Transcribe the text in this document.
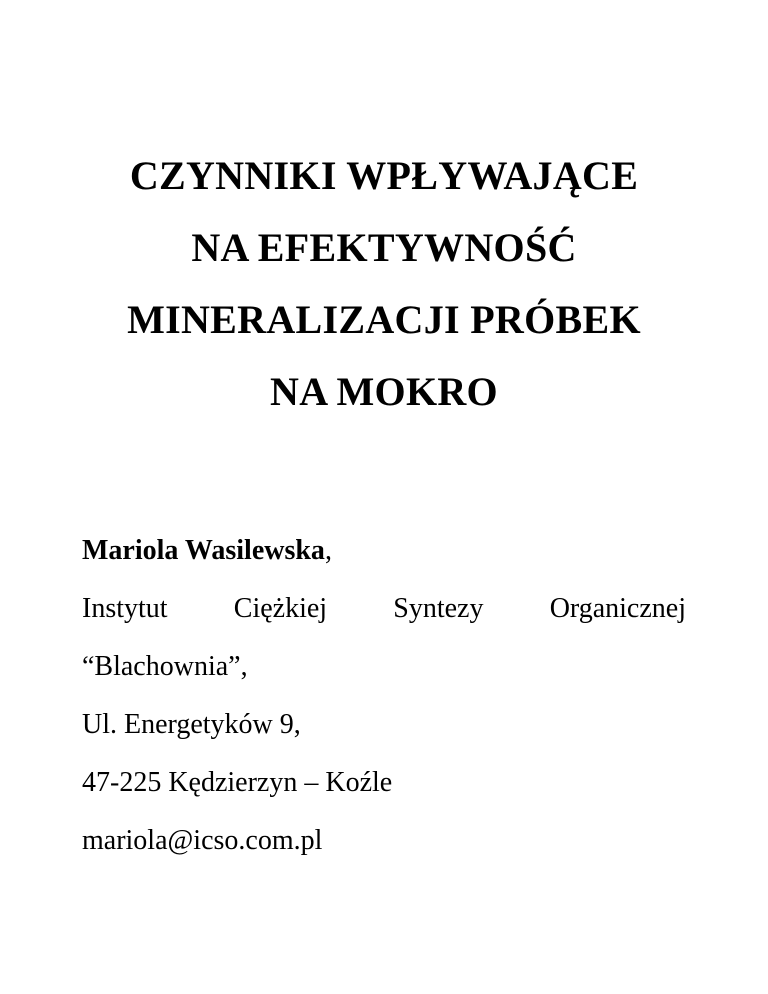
CZYNNIKI WPŁYWAJĄCE
NA EFEKTYWNOŚĆ
MINERALIZACJI PRÓBEK
NA MOKRO
Mariola Wasilewska,
Instytut Ciężkiej Syntezy Organicznej
“Blachownia”,
Ul. Energetyków 9,
47-225 Kędzierzyn – Koźle
mariola@icso.com.pl
